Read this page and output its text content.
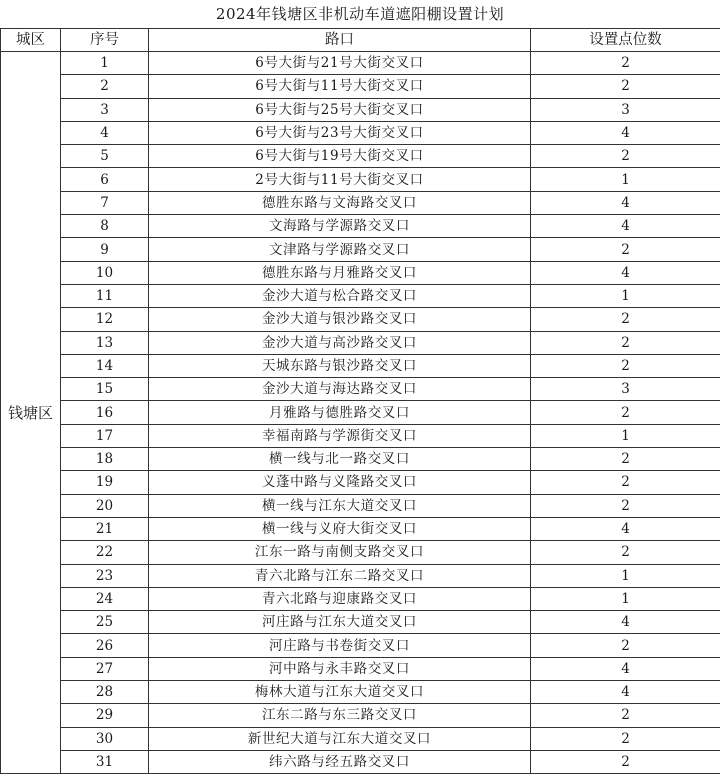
2024年钱塘区非机动车道遮阳棚设置计划
城区	序号	路口	设置点位数
钱塘区	1	6号大街与21号大街交叉口	2
	2	6号大街与11号大街交叉口	2
	3	6号大街与25号大街交叉口	3
	4	6号大街与23号大街交叉口	4
	5	6号大街与19号大街交叉口	2
	6	2号大街与11号大街交叉口	1
	7	德胜东路与文海路交叉口	4
	8	文海路与学源路交叉口	4
	9	文津路与学源路交叉口	2
	10	德胜东路与月雅路交叉口	4
	11	金沙大道与松合路交叉口	1
	12	金沙大道与银沙路交叉口	2
	13	金沙大道与高沙路交叉口	2
	14	天城东路与银沙路交叉口	2
	15	金沙大道与海达路交叉口	3
	16	月雅路与德胜路交叉口	2
	17	幸福南路与学源街交叉口	1
	18	横一线与北一路交叉口	2
	19	义蓬中路与义隆路交叉口	2
	20	横一线与江东大道交叉口	2
	21	横一线与义府大街交叉口	4
	22	江东一路与南侧支路交叉口	2
	23	青六北路与江东二路交叉口	1
	24	青六北路与迎康路交叉口	1
	25	河庄路与江东大道交叉口	4
	26	河庄路与书卷街交叉口	2
	27	河中路与永丰路交叉口	4
	28	梅林大道与江东大道交叉口	4
	29	江东二路与东三路交叉口	2
	30	新世纪大道与江东大道交叉口	2
	31	纬六路与经五路交叉口	2
